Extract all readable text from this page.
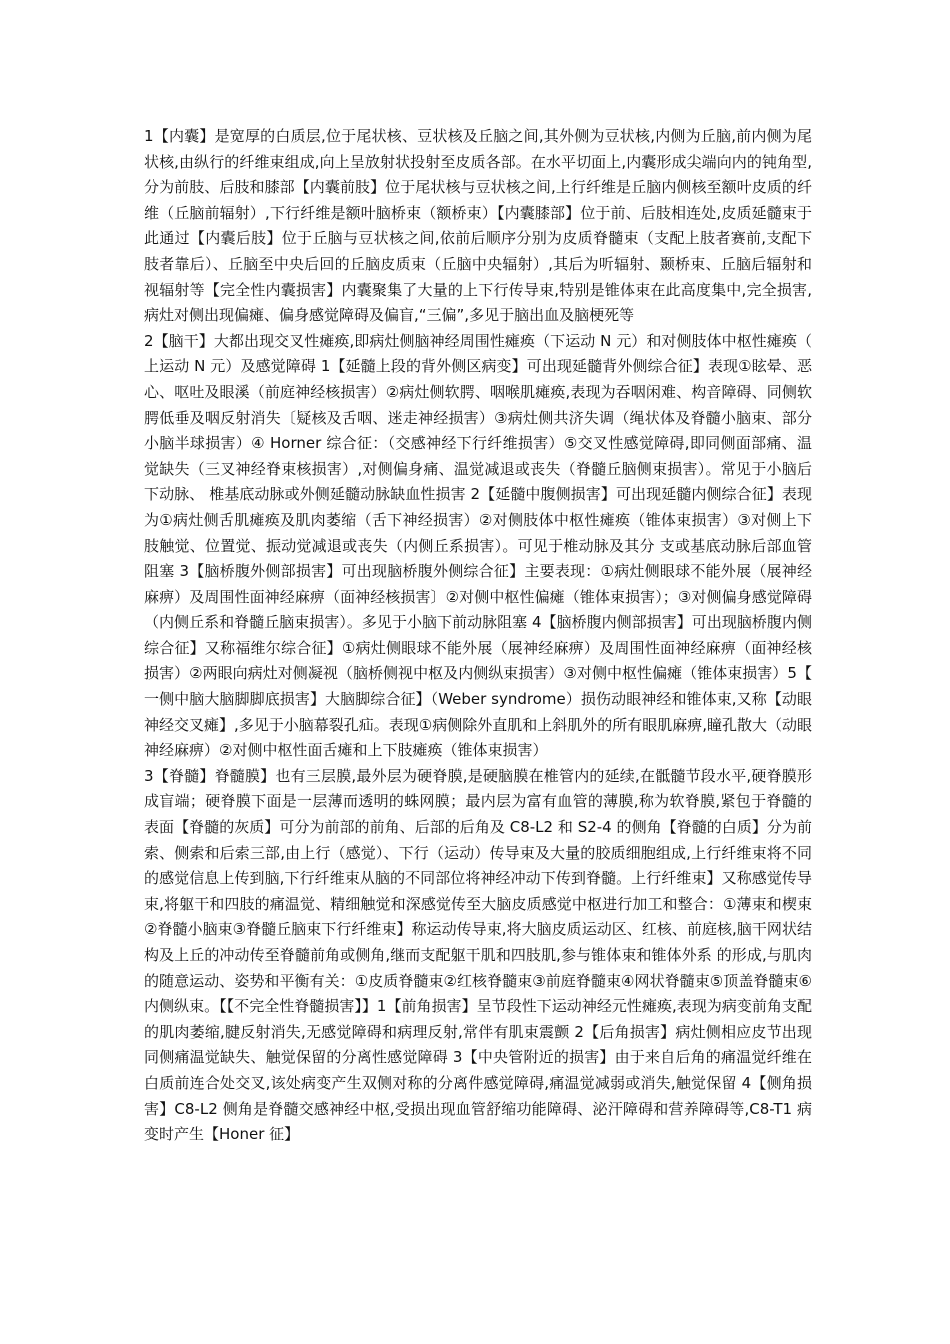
1【内囊】是宽厚的白质层,位于尾状核、豆状核及丘脑之间,其外侧为豆状核,内侧为丘脑,前内侧为尾状核,由纵行的纤维束组成,向上呈放射状投射至皮质各部。在水平切面上,内囊形成尖端向内的钝角型,分为前肢、后肢和膝部【内囊前肢】位于尾状核与豆状核之间,上行纤维是丘脑内侧核至额叶皮质的纤维（丘脑前辐射）,下行纤维是额叶脑桥束（额桥束）【内囊膝部】位于前、后肢相连处,皮质延髓束于此通过【内囊后肢】位于丘脑与豆状核之间,依前后顺序分别为皮质脊髓束（支配上肢者赛前,支配下肢者靠后）、丘脑至中央后回的丘脑皮质束（丘脑中央辐射）,其后为听辐射、颞桥束、丘脑后辐射和视辐射等【完全性内囊损害】内囊聚集了大量的上下行传导束,特别是锥体束在此高度集中,完全损害,病灶对侧出现偏瘫、偏身感觉障碍及偏盲,“三偏”,多见于脑出血及脑梗死等

2【脑干】大都出现交叉性瘫痪,即病灶侧脑神经周围性瘫痪（下运动 N 元）和对侧肢体中枢性瘫痪（上运动 N 元）及感觉障碍 1【延髓上段的背外侧区病变】可出现延髓背外侧综合征】表现①眩晕、恶心、呕吐及眼溪（前庭神经核损害）②病灶侧软腭、咽喉肌瘫痪,表现为吞咽闲难、构音障碍、同侧软腭低垂及咽反射消失〔疑核及舌咽、迷走神经损害）③病灶侧共济失调（绳状体及脊髓小脑束、部分小脑半球损害）④ Horner 综合征：（交感神经下行纤维损害）⑤交叉性感觉障碍,即同侧面部痛、温觉缺失（三叉神经脊束核损害）,对侧偏身痛、温觉减退或丧失（脊髓丘脑侧束损害）。常见于小脑后下动脉、 椎基底动脉或外侧延髓动脉缺血性损害 2【延髓中腹侧损害】可出现延髓内侧综合征】表现为①病灶侧舌肌瘫痪及肌肉萎缩（舌下神经损害）②对侧肢体中枢性瘫痪（锥体束损害）③对侧上下肢触觉、位置觉、振动觉减退或丧失（内侧丘系损害）。可见于椎动脉及其分 支或基底动脉后部血管阻塞 3【脑桥腹外侧部损害】可出现脑桥腹外侧综合征】主要表现：①病灶侧眼球不能外展（展神经麻痹）及周围性面神经麻痹（面神经核损害〕②对侧中枢性偏瘫（锥体束损害）；③对侧偏身感觉障碍（内侧丘系和脊髓丘脑束损害）。多见于小脑下前动脉阻塞 4【脑桥腹内侧部损害】可出现脑桥腹内侧综合征】又称福维尔综合征】①病灶侧眼球不能外展（展神经麻痹）及周围性面神经麻痹（面神经核损害）②两眼向病灶对侧凝视（脑桥侧视中枢及内侧纵束损害）③对侧中枢性偏瘫（锥体束损害）5【一侧中脑大脑脚脚底损害】大脑脚综合征】（Weber syndrome）损伤动眼神经和锥体束,又称【动眼神经交叉瘫】,多见于小脑幕裂孔疝。表现①病侧除外直肌和上斜肌外的所有眼肌麻痹,瞳孔散大（动眼神经麻痹）②对侧中枢性面舌瘫和上下肢瘫痪（锥体束损害）

3【脊髓】脊髓膜】也有三层膜,最外层为硬脊膜,是硬脑膜在椎管内的延续,在骶髓节段水平,硬脊膜形成盲端；硬脊膜下面是一层薄而透明的蛛网膜；最内层为富有血管的薄膜,称为软脊膜,紧包于脊髓的表面【脊髓的灰质】可分为前部的前角、后部的后角及 C8-L2 和 S2-4 的侧角【脊髓的白质】分为前索、侧索和后索三部,由上行（感觉）、下行（运动）传导束及大量的胶质细胞组成,上行纤维束将不同的感觉信息上传到脑,下行纤维束从脑的不同部位将神经冲动下传到脊髓。上行纤维束】又称感觉传导束,将躯干和四肢的痛温觉、精细触觉和深感觉传至大脑皮质感觉中枢进行加工和整合：①薄束和楔束②脊髓小脑束③脊髓丘脑束下行纤维束】称运动传导束,将大脑皮质运动区、红核、前庭核,脑干网状结 构及上丘的冲动传至脊髓前角或侧角,继而支配躯干肌和四肢肌,参与锥体束和锥体外系 的形成,与肌肉的随意运动、姿势和平衡有关：①皮质脊髓束②红核脊髓束③前庭脊髓束④网状脊髓束⑤顶盖脊髓束⑥内侧纵束。【【不完全性脊髓损害】】1【前角损害】呈节段性下运动神经元性瘫痪,表现为病变前角支配的肌肉萎缩,腱反射消失,无感觉障碍和病理反射,常伴有肌束震颤 2【后角损害】病灶侧相应皮节出现同侧痛温觉缺失、触觉保留的分离性感觉障碍 3【中央管附近的损害】由于来自后角的痛温觉纤维在白质前连合处交叉,该处病变产生双侧对称的分离件感觉障碍,痛温觉减弱或消失,触觉保留 4【侧角损害】C8-L2 侧角是脊髓交感神经中枢,受损出现血管舒缩功能障碍、泌汗障碍和营养障碍等,C8-T1 病变时产生【Honer 征】
